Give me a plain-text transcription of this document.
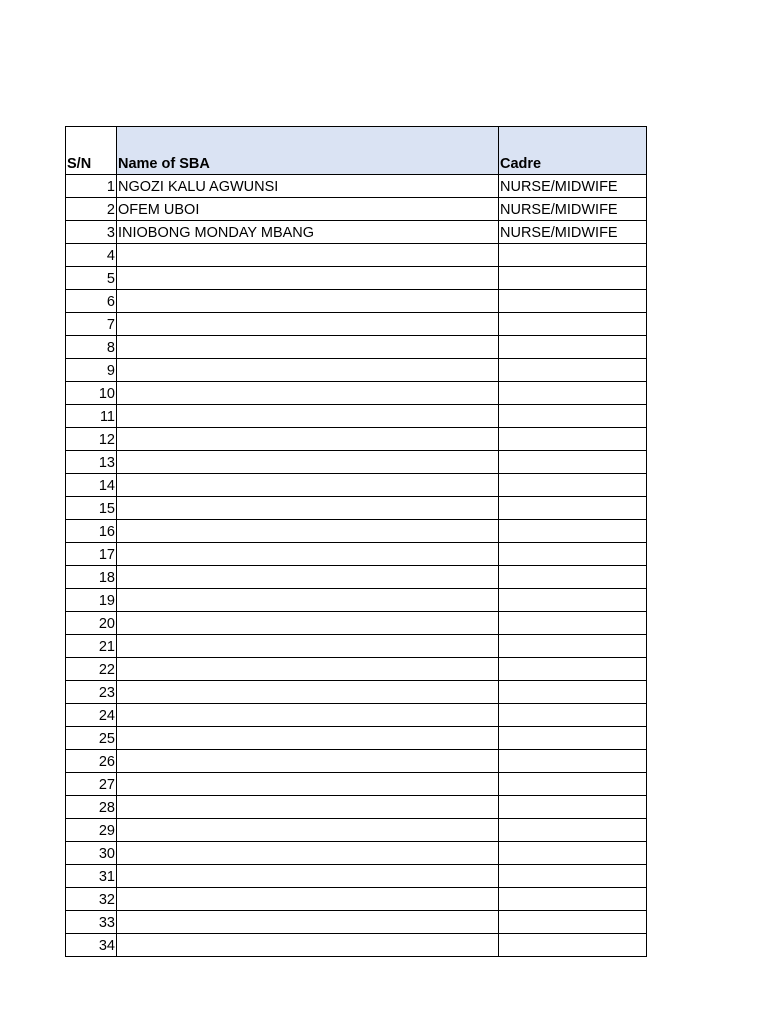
S/N	Name of SBA	Cadre
1	NGOZI KALU AGWUNSI	NURSE/MIDWIFE
2	OFEM UBOI	NURSE/MIDWIFE
3	INIOBONG MONDAY MBANG	NURSE/MIDWIFE
4		
5		
6		
7		
8		
9		
10		
11		
12		
13		
14		
15		
16		
17		
18		
19		
20		
21		
22		
23		
24		
25		
26		
27		
28		
29		
30		
31		
32		
33		
34		
